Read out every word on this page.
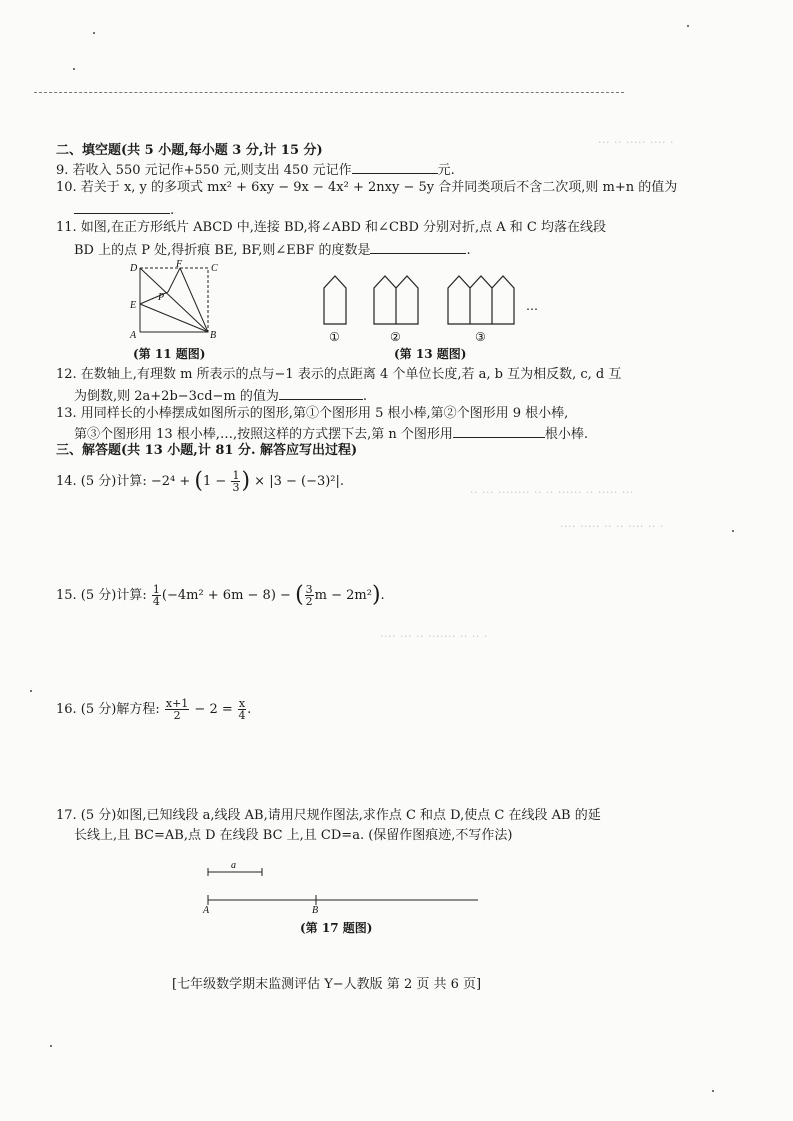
··· ·· ····· ···· ·
·· ··· ········ ·· ·· ······ ·· ····· ···
···· ····· ·· ·· ···· ·· ·
···· ··· ·· ······· ·· ·· ·
二、填空题(共 5 小题,每小题 3 分,计 15 分)
9. 若收入 550 元记作+550 元,则支出 450 元记作	元.
10. 若关于 x, y 的多项式 mx² + 6xy − 9x − 4x² + 2nxy − 5y 合并同类项后不含二次项,则 m+n 的值为
.
11. 如图,在正方形纸片 ABCD 中,连接 BD,将∠ABD 和∠CBD 分别对折,点 A 和 C 均落在线段
BD 上的点 P 处,得折痕 BE, BF,则∠EBF 的度数是	.
D	F	C
E
P
A	B
(第 11 题图)
①	②	③
…
(第 13 题图)
12. 在数轴上,有理数 m 所表示的点与−1 表示的点距离 4 个单位长度,若 a, b 互为相反数, c, d 互
为倒数,则 2a+2b−3cd−m 的值为	.
13. 用同样长的小棒摆成如图所示的图形,第①个图形用 5 根小棒,第②个图形用 9 根小棒,
第③个图形用 13 根小棒,…,按照这样的方式摆下去,第 n 个图形用	根小棒.
三、解答题(共 13 小题,计 81 分. 解答应写出过程)
14. (5 分)计算: $-2^4 + (1 - \frac{1}{3}$ ) × |3 − (−3)²|.
15. (5 分)计算: $\frac{1}{4} (-4m^2 + 6m - 8)$ − ( $\frac{3}{2}$ m − 2m²).
16. (5 分)解方程: $\frac{x+1}{2} - 2 = \frac{x}{4}$ .
17. (5 分)如图,已知线段 a,线段 AB,请用尺规作图法,求作点 C 和点 D,使点 C 在线段 AB 的延
长线上,且 BC=AB,点 D 在线段 BC 上,且 CD=a. (保留作图痕迹,不写作法)
a
A	B
(第 17 题图)
[七年级数学期末监测评估 Y−人教版 第 2 页 共 6 页]
